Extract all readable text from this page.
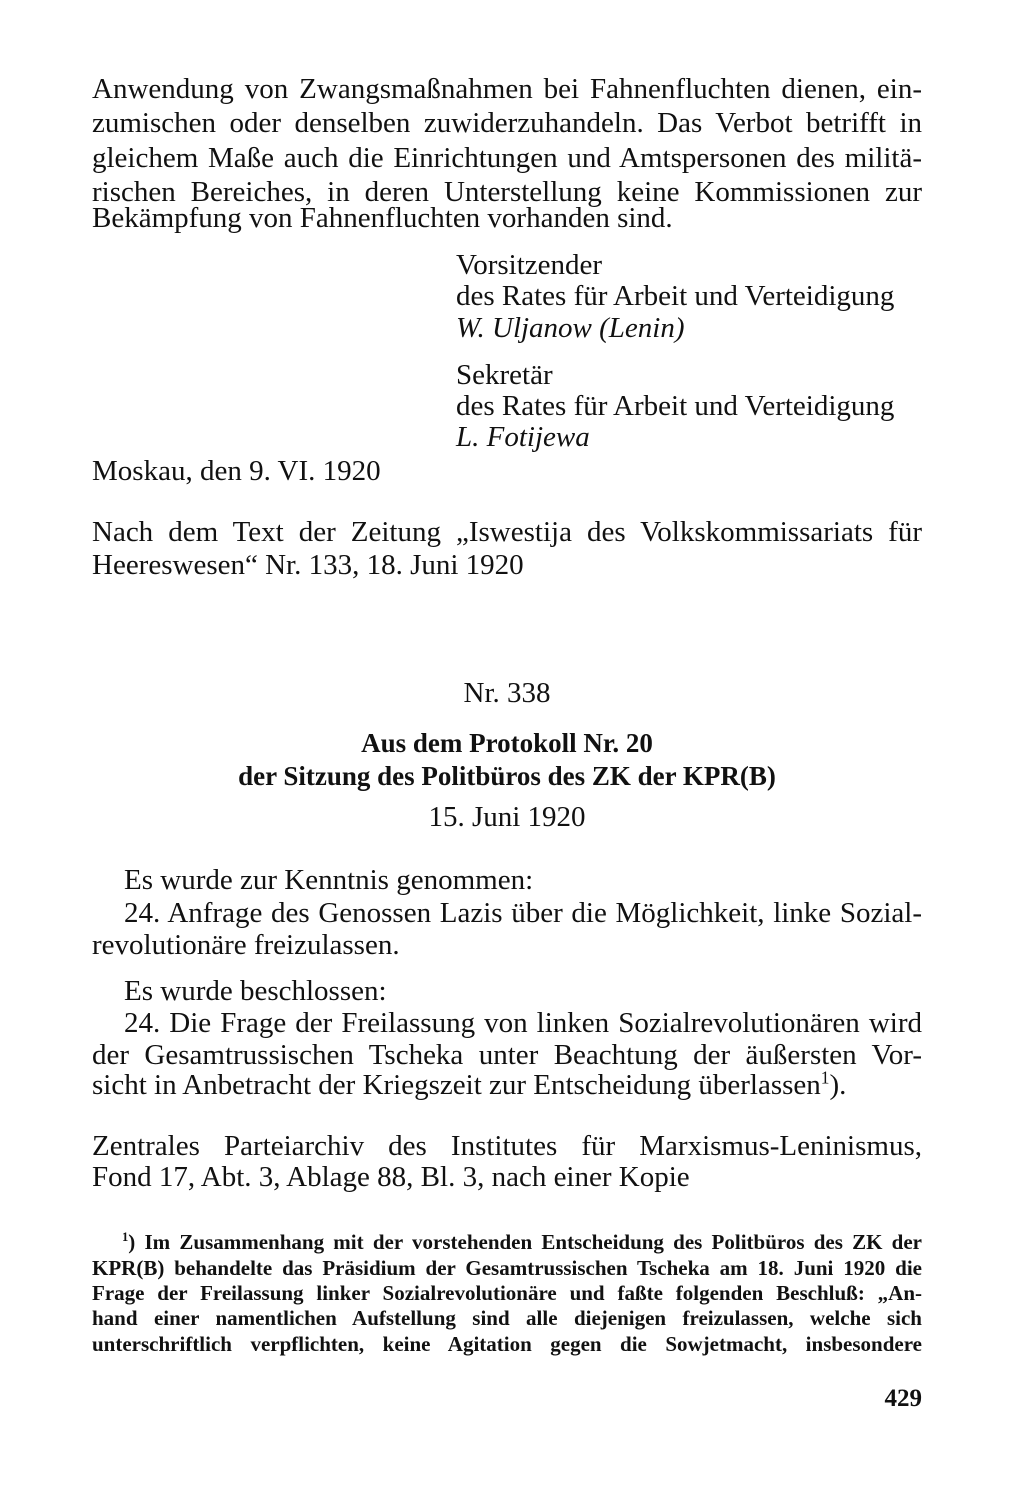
Anwendung von Zwangsmaßnahmen bei Fahnenfluchten dienen, ein-
zumischen oder denselben zuwiderzuhandeln. Das Verbot betrifft in
gleichem Maße auch die Einrichtungen und Amtspersonen des militä-
rischen Bereiches, in deren Unterstellung keine Kommissionen zur
Bekämpfung von Fahnenfluchten vorhanden sind.
Vorsitzender
des Rates für Arbeit und Verteidigung
W. Uljanow (Lenin)
Sekretär
des Rates für Arbeit und Verteidigung
L. Fotijewa
Moskau, den 9. VI. 1920
Nach dem Text der Zeitung „Iswestija des Volkskommissariats für
Heereswesen“ Nr. 133, 18. Juni 1920
Nr. 338
Aus dem Protokoll Nr. 20
der Sitzung des Politbüros des ZK der KPR(B)
15. Juni 1920
Es wurde zur Kenntnis genommen:
24. Anfrage des Genossen Lazis über die Möglichkeit, linke Sozial-
revolutionäre freizulassen.
Es wurde beschlossen:
24. Die Frage der Freilassung von linken Sozialrevolutionären wird
der Gesamtrussischen Tscheka unter Beachtung der äußersten Vor-
sicht in Anbetracht der Kriegszeit zur Entscheidung überlassen$^1$).
Zentrales Parteiarchiv des Institutes für Marxismus-Leninismus,
Fond 17, Abt. 3, Ablage 88, Bl. 3, nach einer Kopie
$^1$) Im Zusammenhang mit der vorstehenden Entscheidung des Politbüros des ZK der
KPR(B) behandelte das Präsidium der Gesamtrussischen Tscheka am 18. Juni 1920 die
Frage der Freilassung linker Sozialrevolutionäre und faßte folgenden Beschluß: „An-
hand einer namentlichen Aufstellung sind alle diejenigen freizulassen, welche sich
unterschriftlich verpflichten, keine Agitation gegen die Sowjetmacht, insbesondere
429
